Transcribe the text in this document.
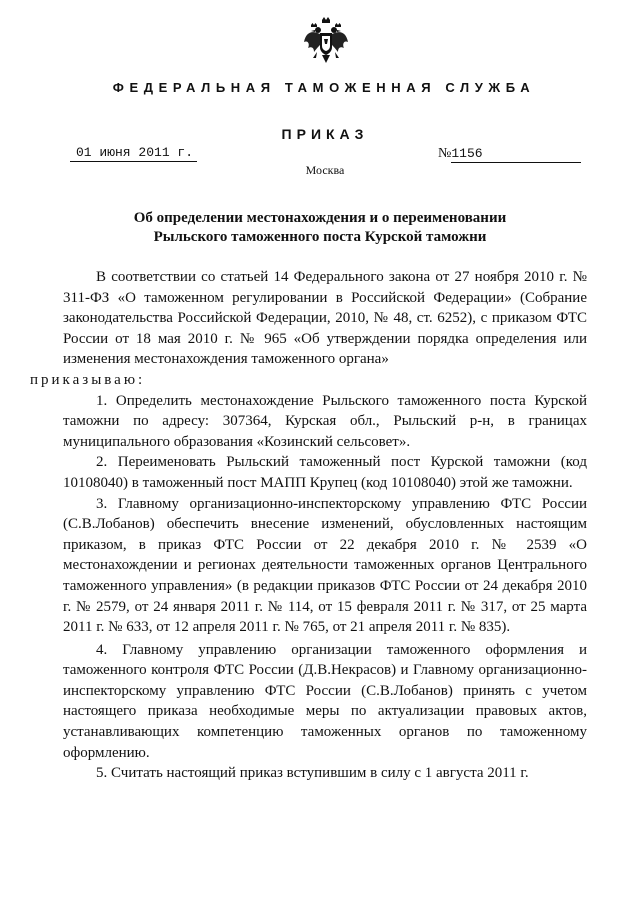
ФЕДЕРАЛЬНАЯ ТАМОЖЕННАЯ СЛУЖБА
ПРИКАЗ
01 июня 2011 г.	№1156
Москва
Об определении местонахождения и о переименовании
Рыльского таможенного поста Курской таможни

В соответствии со статьей 14 Федерального закона от 27 ноября 2010 г. № 311-ФЗ «О таможенном регулировании в Российской Федерации» (Собрание законодательства Российской Федерации, 2010, № 48, ст. 6252), с приказом ФТС России от 18 мая 2010 г. № 965 «Об утверждении порядка определения или изменения местонахождения таможенного органа»
приказываю:

1. Определить местонахождение Рыльского таможенного поста Курской таможни по адресу: 307364, Курская обл., Рыльский р-н, в границах муниципального образования «Козинский сельсовет».

2. Переименовать Рыльский таможенный пост Курской таможни (код 10108040) в таможенный пост МАПП Крупец (код 10108040) этой же таможни.

3. Главному организационно-инспекторскому управлению ФТС России (С.В.Лобанов) обеспечить внесение изменений, обусловленных настоящим приказом, в приказ ФТС России от 22 декабря 2010 г. № 2539 «О местонахождении и регионах деятельности таможенных органов Центрального таможенного управления» (в редакции приказов ФТС России от 24 декабря 2010 г. № 2579, от 24 января 2011 г. № 114, от 15 февраля 2011 г. № 317, от 25 марта 2011 г. № 633, от 12 апреля 2011 г. № 765, от 21 апреля 2011 г. № 835).

4. Главному управлению организации таможенного оформления и таможенного контроля ФТС России (Д.В.Некрасов) и Главному организационно-инспекторскому управлению ФТС России (С.В.Лобанов) принять с учетом настоящего приказа необходимые меры по актуализации правовых актов, устанавливающих компетенцию таможенных органов по таможенному оформлению.

5. Считать настоящий приказ вступившим в силу с 1 августа 2011 г.
